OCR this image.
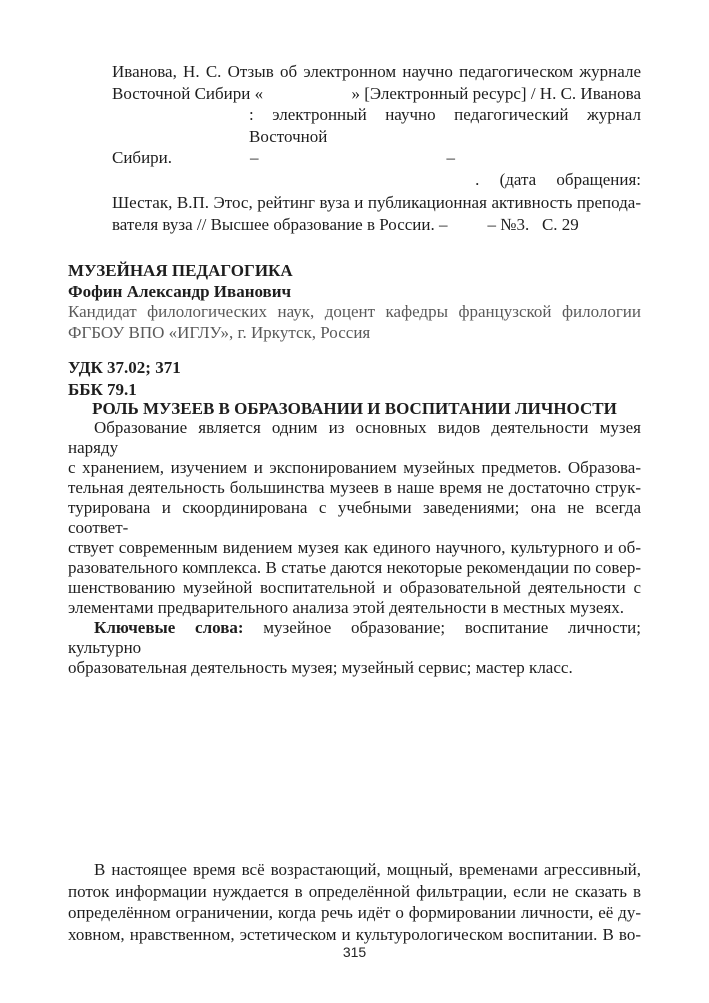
Иванова, Н. С. Отзыв об электронном научно педагогическом журнале
Восточной Сибири «	» [Электронный ресурс] / Н. С. Иванова
: электронный научно педагогический журнал Восточной
Сибири.	–	–
. (дата обращения:
Шестак, В.П. Этос, рейтинг вуза и публикационная активность препода-
вателя вуза // Высшее образование в России. – – №3.   С. 29
МУЗЕЙНАЯ ПЕДАГОГИКА
Фофин Александр Иванович
Кандидат филологических наук, доцент кафедры французской филологии
ФГБОУ ВПО «ИГЛУ», г. Иркутск, Россия
УДК 37.02; 371
ББК 79.1
РОЛЬ МУЗЕЕВ В ОБРАЗОВАНИИ И ВОСПИТАНИИ ЛИЧНОСТИ
Образование является одним из основных видов деятельности музея наряду
с хранением, изучением и экспонированием музейных предметов. Образова-
тельная деятельность большинства музеев в наше время не достаточно струк-
турирована и скоординирована с учебными заведениями; она не всегда соответ-
ствует современным видением музея как единого научного, культурного и об-
разовательного комплекса. В статье даются некоторые рекомендации по совер-
шенствованию музейной воспитательной и образовательной деятельности с
элементами предварительного анализа этой деятельности в местных музеях.
Ключевые слова: музейное образование; воспитание личности; культурно
образовательная деятельность музея; музейный сервис; мастер класс.
В настоящее время всё возрастающий, мощный, временами агрессивный,
поток информации нуждается в определённой фильтрации, если не сказать в
определённом ограничении, когда речь идёт о формировании личности, её ду-
ховном, нравственном, эстетическом и культурологическом воспитании. В во-
315
